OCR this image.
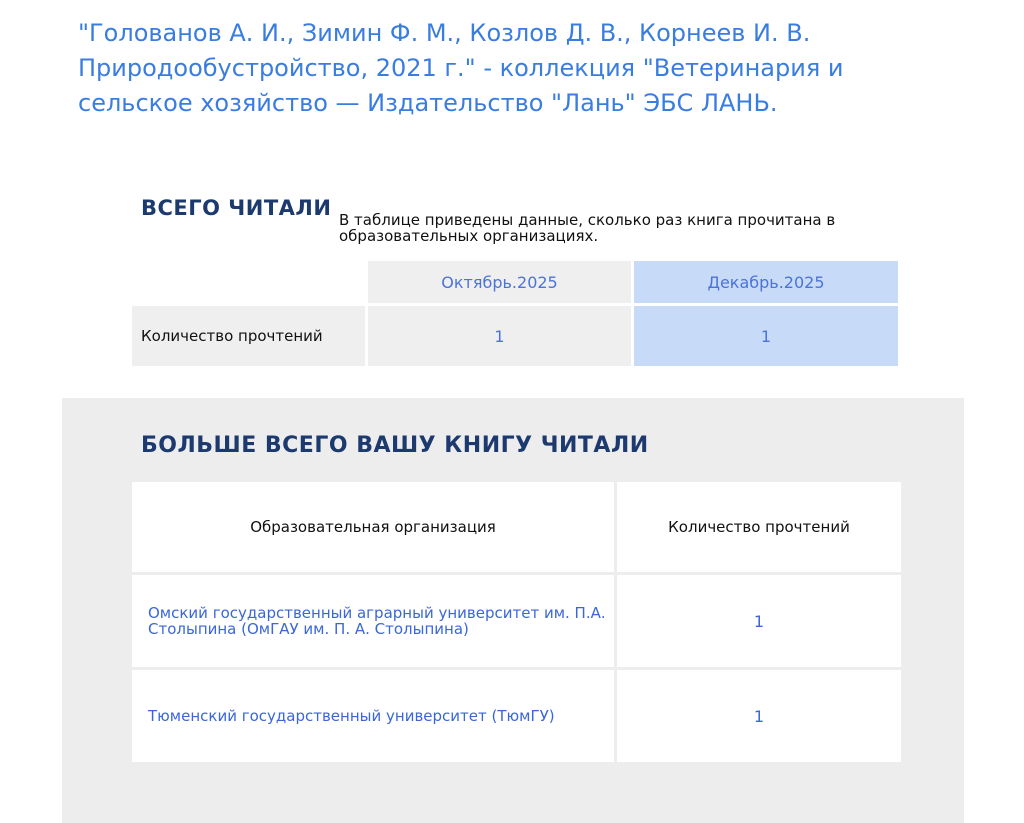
"Голованов А. И., Зимин Ф. М., Козлов Д. В., Корнеев И. В. Природообустройство, 2021 г." - коллекция "Ветеринария и сельское хозяйство — Издательство "Лань" ЭБС ЛАНЬ.
ВСЕГО ЧИТАЛИ В таблице приведены данные, сколько раз книга прочитана в образовательных организациях.

	Октябрь.2025	Декабрь.2025
Количество прочтений	1	1
БОЛЬШЕ ВСЕГО ВАШУ КНИГУ ЧИТАЛИ
Образовательная организация	Количество прочтений
Омский государственный аграрный университет им. П.А. Столыпина (ОмГАУ им. П. А. Столыпина)	1
Тюменский государственный университет (ТюмГУ)	1
